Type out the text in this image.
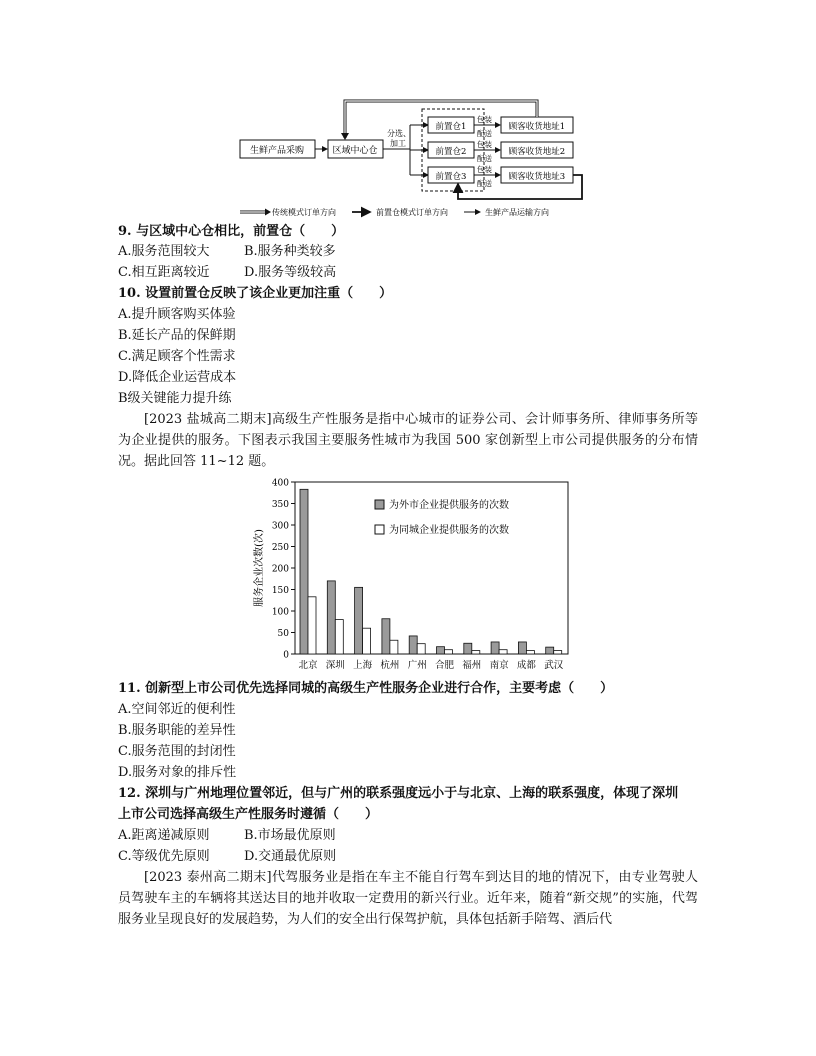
生鲜产品采购	区域中心仓
分选、
加工
前置仓1
前置仓2
前置仓3
包装
配送
包装
配送
包装
配送
顾客收货地址1
顾客收货地址2
顾客收货地址3
传统模式订单方向	前置仓模式订单方向	生鲜产品运输方向
9. 与区域中心仓相比，前置仓（　　）
A.服务范围较大	B.服务种类较多
C.相互距离较近	D.服务等级较高
10. 设置前置仓反映了该企业更加注重（　　）
A.提升顾客购买体验
B.延长产品的保鲜期
C.满足顾客个性需求
D.降低企业运营成本
B级关键能力提升练
[2023 盐城高二期末]高级生产性服务是指中心城市的证券公司、会计师事务所、律师事务所等为企业提供的服务。下图表示我国主要服务性城市为我国 500 家创新型上市公司提供服务的分布情况。据此回答 11~12 题。
0
50
100
150
200
250
300
350
400
北京 深圳 上海 杭州 广州 合肥 福州 南京 成都 武汉
服务企业次数(次)
为外市企业提供服务的次数
为同城企业提供服务的次数
11. 创新型上市公司优先选择同城的高级生产性服务企业进行合作，主要考虑（　　）
A.空间邻近的便利性
B.服务职能的差异性
C.服务范围的封闭性
D.服务对象的排斥性
12. 深圳与广州地理位置邻近，但与广州的联系强度远小于与北京、上海的联系强度，体现了深圳
上市公司选择高级生产性服务时遵循（　　）
A.距离递减原则	B.市场最优原则
C.等级优先原则	D.交通最优原则
[2023 泰州高二期末]代驾服务业是指在车主不能自行驾车到达目的地的情况下，由专业驾驶人员驾驶车主的车辆将其送达目的地并收取一定费用的新兴行业。近年来，随着“新交规”的实施，代驾服务业呈现良好的发展趋势，为人们的安全出行保驾护航，具体包括新手陪驾、酒后代
